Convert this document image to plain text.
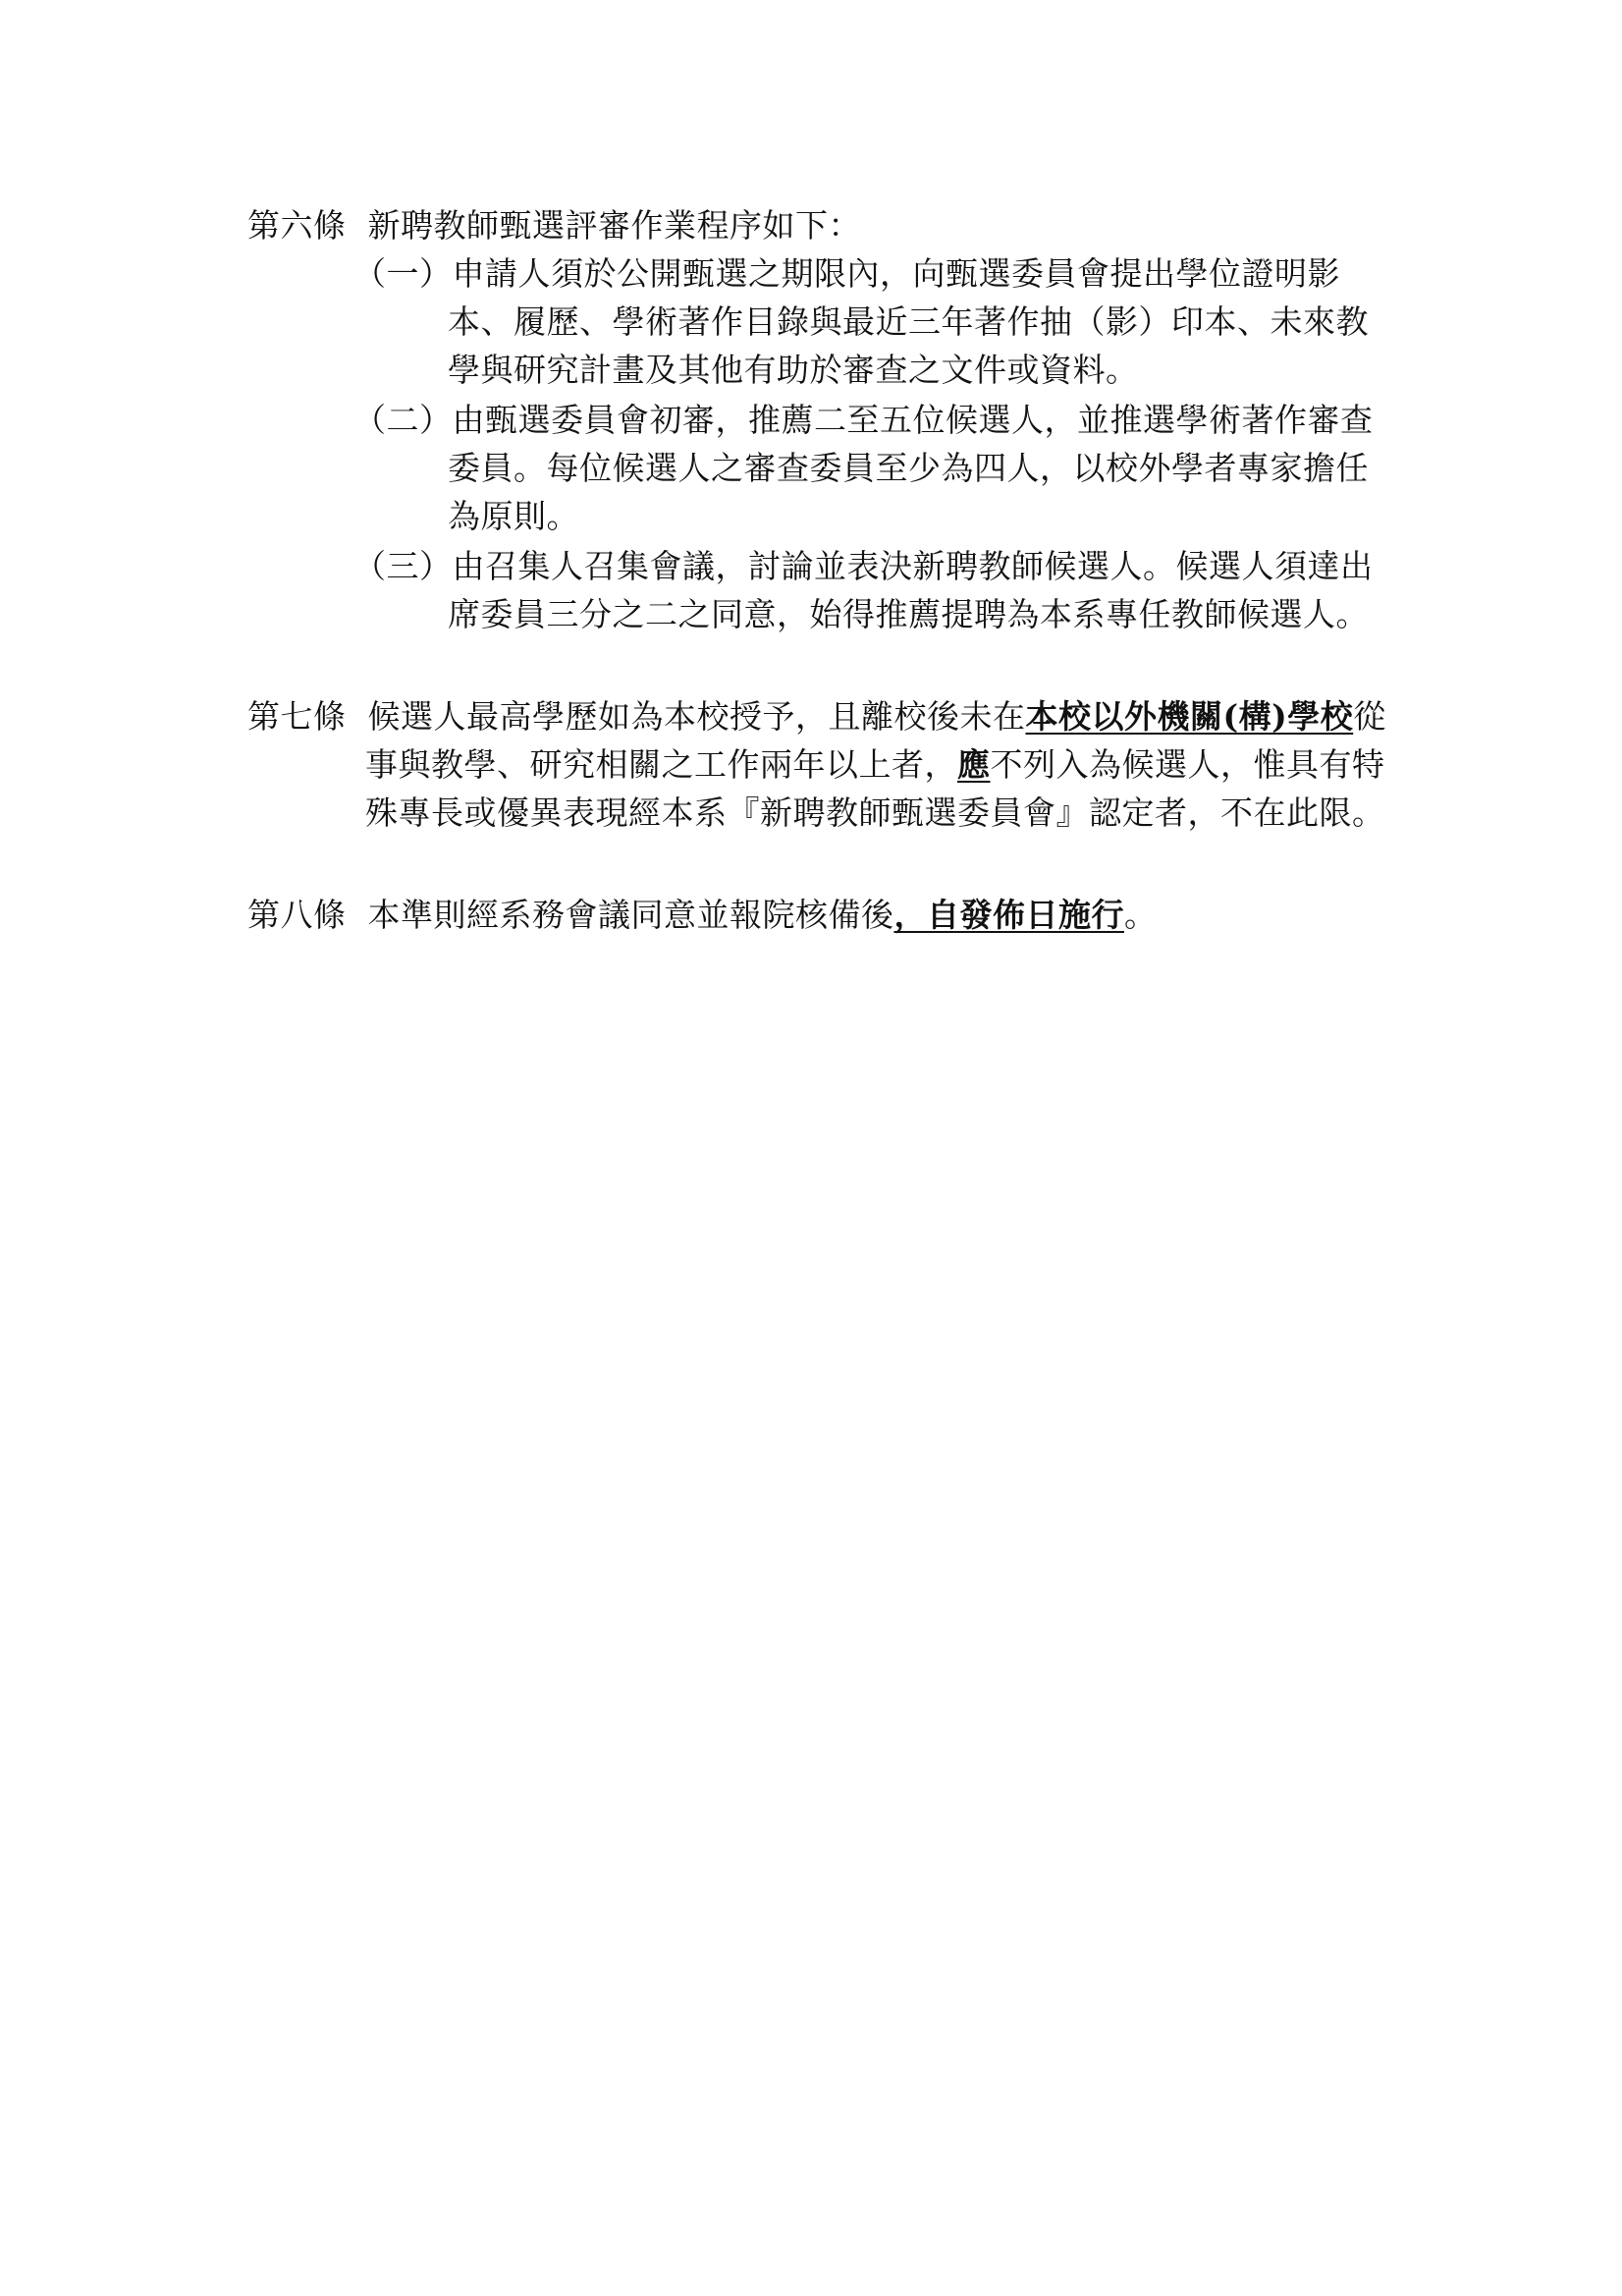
第六條 新聘教師甄選評審作業程序如下：
（一）申請人須於公開甄選之期限內，向甄選委員會提出學位證明影
本、履歷、學術著作目錄與最近三年著作抽（影）印本、未來教
學與研究計畫及其他有助於審查之文件或資料。
（二）由甄選委員會初審，推薦二至五位候選人，並推選學術著作審查
委員。每位候選人之審查委員至少為四人，以校外學者專家擔任
為原則。
（三）由召集人召集會議，討論並表決新聘教師候選人。候選人須達出
席委員三分之二之同意，始得推薦提聘為本系專任教師候選人。
第七條 候選人最高學歷如為本校授予，且離校後未在本校以外機關(構)學校從
事與教學、研究相關之工作兩年以上者，應不列入為候選人，惟具有特
殊專長或優異表現經本系『新聘教師甄選委員會』認定者，不在此限。
第八條 本準則經系務會議同意並報院核備後，自發佈日施行。
